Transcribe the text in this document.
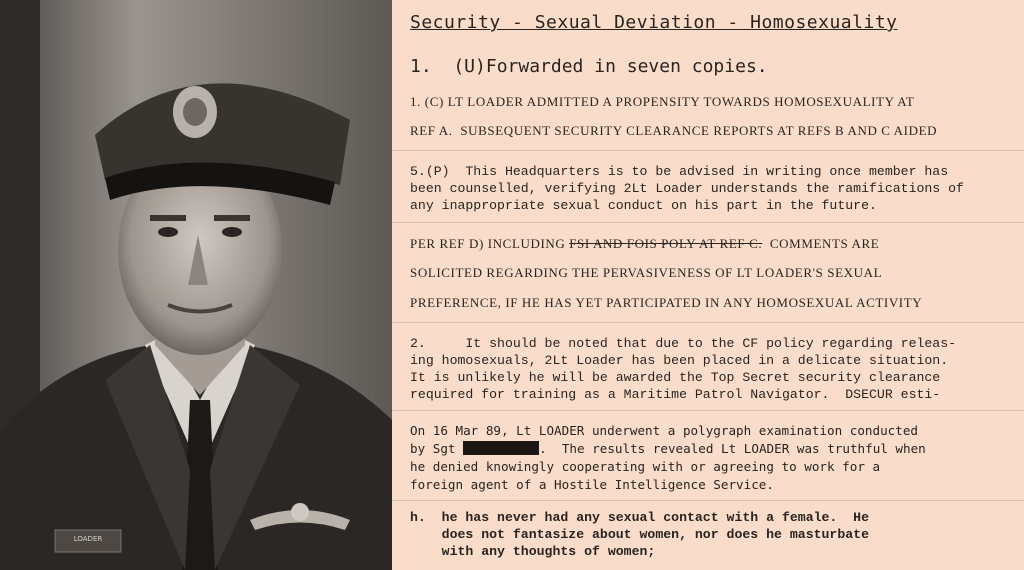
LOADER
Security - Sexual Deviation - Homosexuality
1.  (U)Forwarded in seven copies.
1. (C) LT LOADER ADMITTED A PROPENSITY TOWARDS HOMOSEXUALITY AT
REF A.  SUBSEQUENT SECURITY CLEARANCE REPORTS AT REFS B AND C AIDED
5.(P)  This Headquarters is to be advised in writing once member has
been counselled, verifying 2Lt Loader understands the ramifications of
any inappropriate sexual conduct on his part in the future.
PER REF D) INCLUDING FSI AND FOIS POLY AT REF C.  COMMENTS ARE
SOLICITED REGARDING THE PERVASIVENESS OF LT LOADER'S SEXUAL
PREFERENCE, IF HE HAS YET PARTICIPATED IN ANY HOMOSEXUAL ACTIVITY
2.     It should be noted that due to the CF policy regarding releas-
ing homosexuals, 2Lt Loader has been placed in a delicate situation.
It is unlikely he will be awarded the Top Secret security clearance
required for training as a Maritime Patrol Navigator.  DSECUR esti-
On 16 Mar 89, Lt LOADER underwent a polygraph examination conducted
by Sgt	.  The results revealed Lt LOADER was truthful when
he denied knowingly cooperating with or agreeing to work for a
foreign agent of a Hostile Intelligence Service.
h.  he has never had any sexual contact with a female.  He
does not fantasize about women, nor does he masturbate
with any thoughts of women;
